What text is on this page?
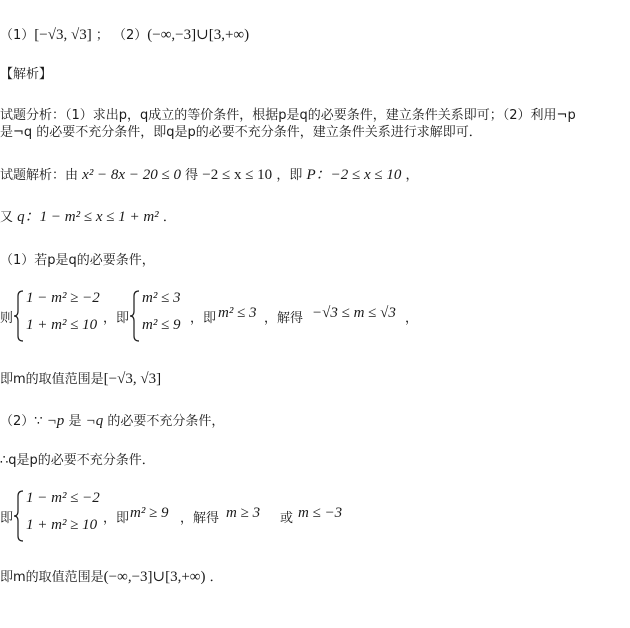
（1）[−√3, √3] ； （2）(−∞,−3]∪[3,+∞)
【解析】
试题分析：（1）求出p，q成立的等价条件，根据p是q的必要条件，建立条件关系即可；（2）利用¬p
是¬q 的必要不充分条件，即q是p的必要不充分条件，建立条件关系进行求解即可．
试题解析：由 x² − 8x − 20 ≤ 0 得 −2 ≤ x ≤ 10 ，即 P：−2 ≤ x ≤ 10 ，
又 q：1 − m² ≤ x ≤ 1 + m² ．
（1）若p是q的必要条件，
则
1 − m² ≥ −2
1 + m² ≤ 10 ，即
m² ≤ 3
m² ≤ 9 ，即 m² ≤ 3 ，解得 −√3 ≤ m ≤ √3 ，
即m的取值范围是[−√3, √3]
（2）∵ ¬p 是 ¬q 的必要不充分条件，
∴q是p的必要不充分条件．
即
1 − m² ≤ −2
1 + m² ≥ 10 ，即 m² ≥ 9 ，解得 m ≥ 3 或 m ≤ −3
即m的取值范围是(−∞,−3]∪[3,+∞) ．
